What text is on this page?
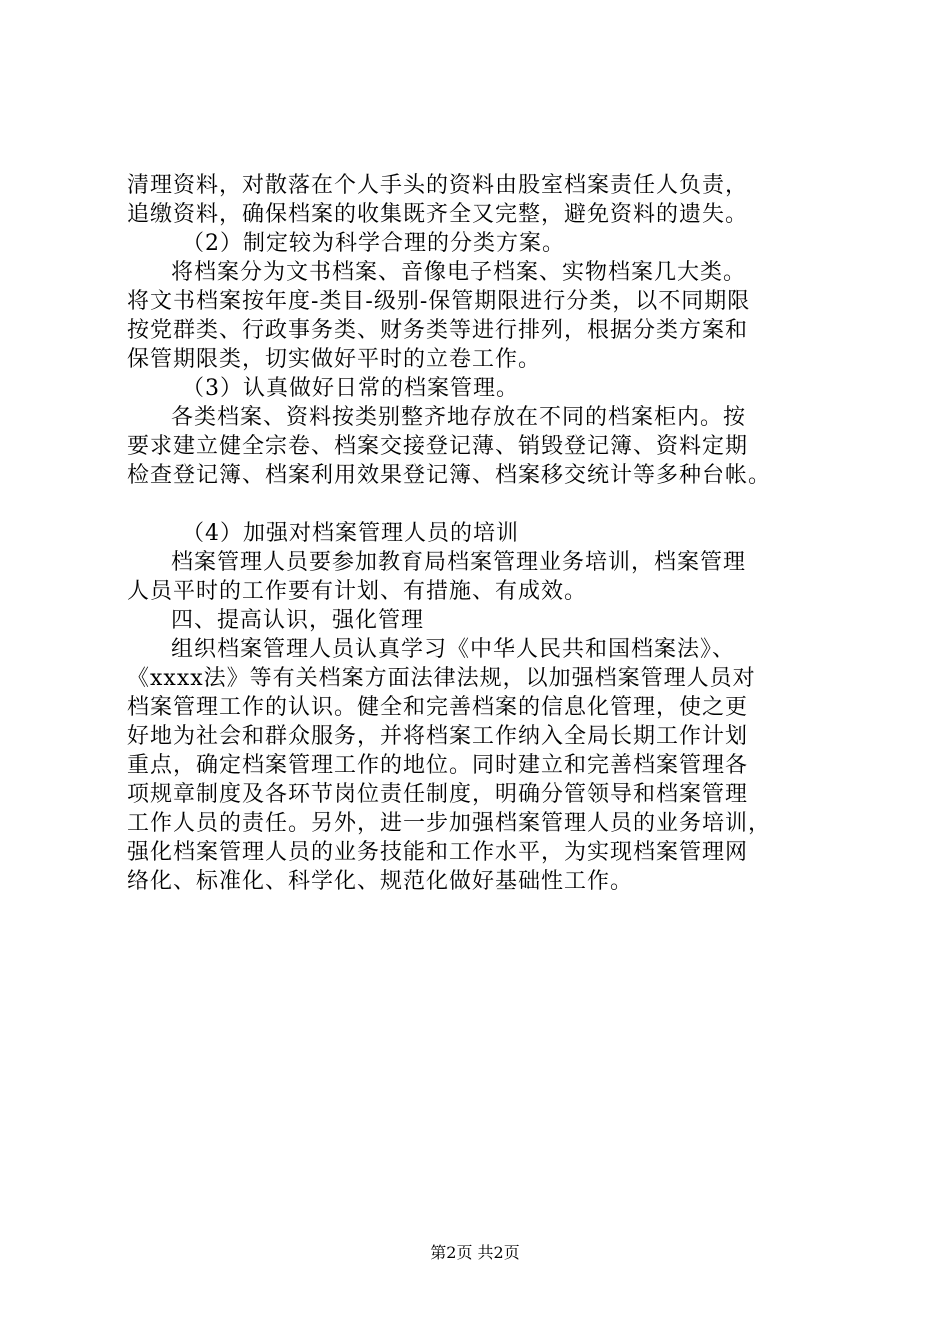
清理资料，对散落在个人手头的资料由股室档案责任人负责，
追缴资料，确保档案的收集既齐全又完整，避免资料的遗失。
（2）制定较为科学合理的分类方案。
将档案分为文书档案、音像电子档案、实物档案几大类。
将文书档案按年度-类目-级别-保管期限进行分类，以不同期限
按党群类、行政事务类、财务类等进行排列，根据分类方案和
保管期限类，切实做好平时的立卷工作。
（3）认真做好日常的档案管理。
各类档案、资料按类别整齐地存放在不同的档案柜内。按
要求建立健全宗卷、档案交接登记薄、销毁登记簿、资料定期
检查登记簿、档案利用效果登记簿、档案移交统计等多种台帐。
（4）加强对档案管理人员的培训
档案管理人员要参加教育局档案管理业务培训，档案管理
人员平时的工作要有计划、有措施、有成效。
四、提高认识，强化管理
组织档案管理人员认真学习《中华人民共和国档案法》、
《xxxx法》等有关档案方面法律法规，以加强档案管理人员对
档案管理工作的认识。健全和完善档案的信息化管理，使之更
好地为社会和群众服务，并将档案工作纳入全局长期工作计划
重点，确定档案管理工作的地位。同时建立和完善档案管理各
项规章制度及各环节岗位责任制度，明确分管领导和档案管理
工作人员的责任。另外，进一步加强档案管理人员的业务培训，
强化档案管理人员的业务技能和工作水平，为实现档案管理网
络化、标准化、科学化、规范化做好基础性工作。
第2页 共2页
